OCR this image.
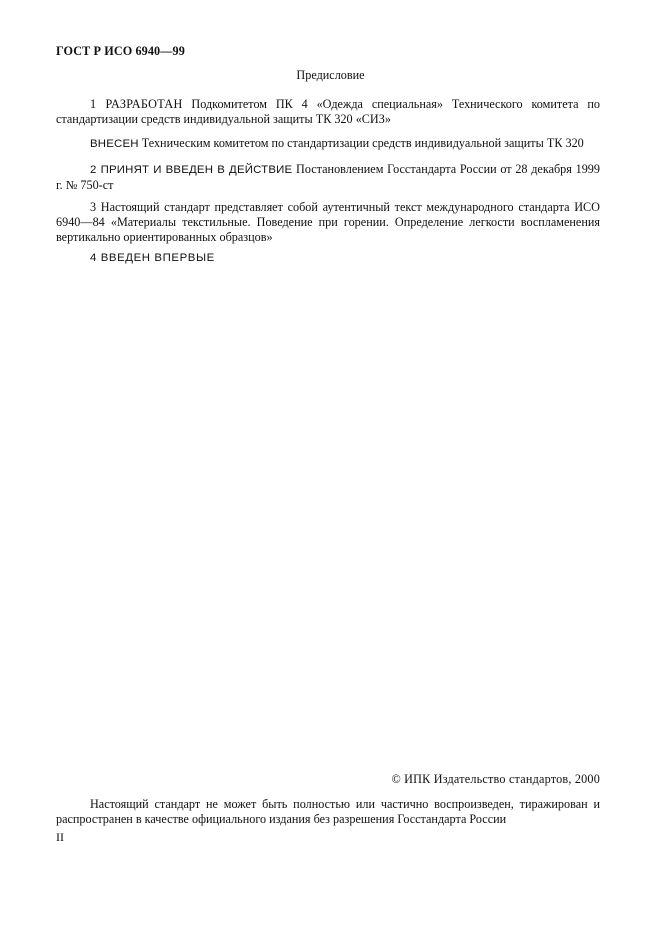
ГОСТ Р ИСО 6940—99
Предисловие

1 РАЗРАБОТАН Подкомитетом ПК 4 «Одежда специальная» Технического комитета по стандартизации средств индивидуальной защиты ТК 320 «СИЗ»

ВНЕСЕН Техническим комитетом по стандартизации средств индивидуальной защиты ТК 320

2 ПРИНЯТ И ВВЕДЕН В ДЕЙСТВИЕ Постановлением Госстандарта России от 28 декабря 1999 г. № 750-ст

3 Настоящий стандарт представляет собой аутентичный текст международного стандарта ИСО 6940—84 «Материалы текстильные. Поведение при горении. Определение легкости воспламенения вертикально ориентированных образцов»

4 ВВЕДЕН ВПЕРВЫЕ

© ИПК Издательство стандартов, 2000

Настоящий стандарт не может быть полностью или частично воспроизведен, тиражирован и распространен в качестве официального издания без разрешения Госстандарта России

II
